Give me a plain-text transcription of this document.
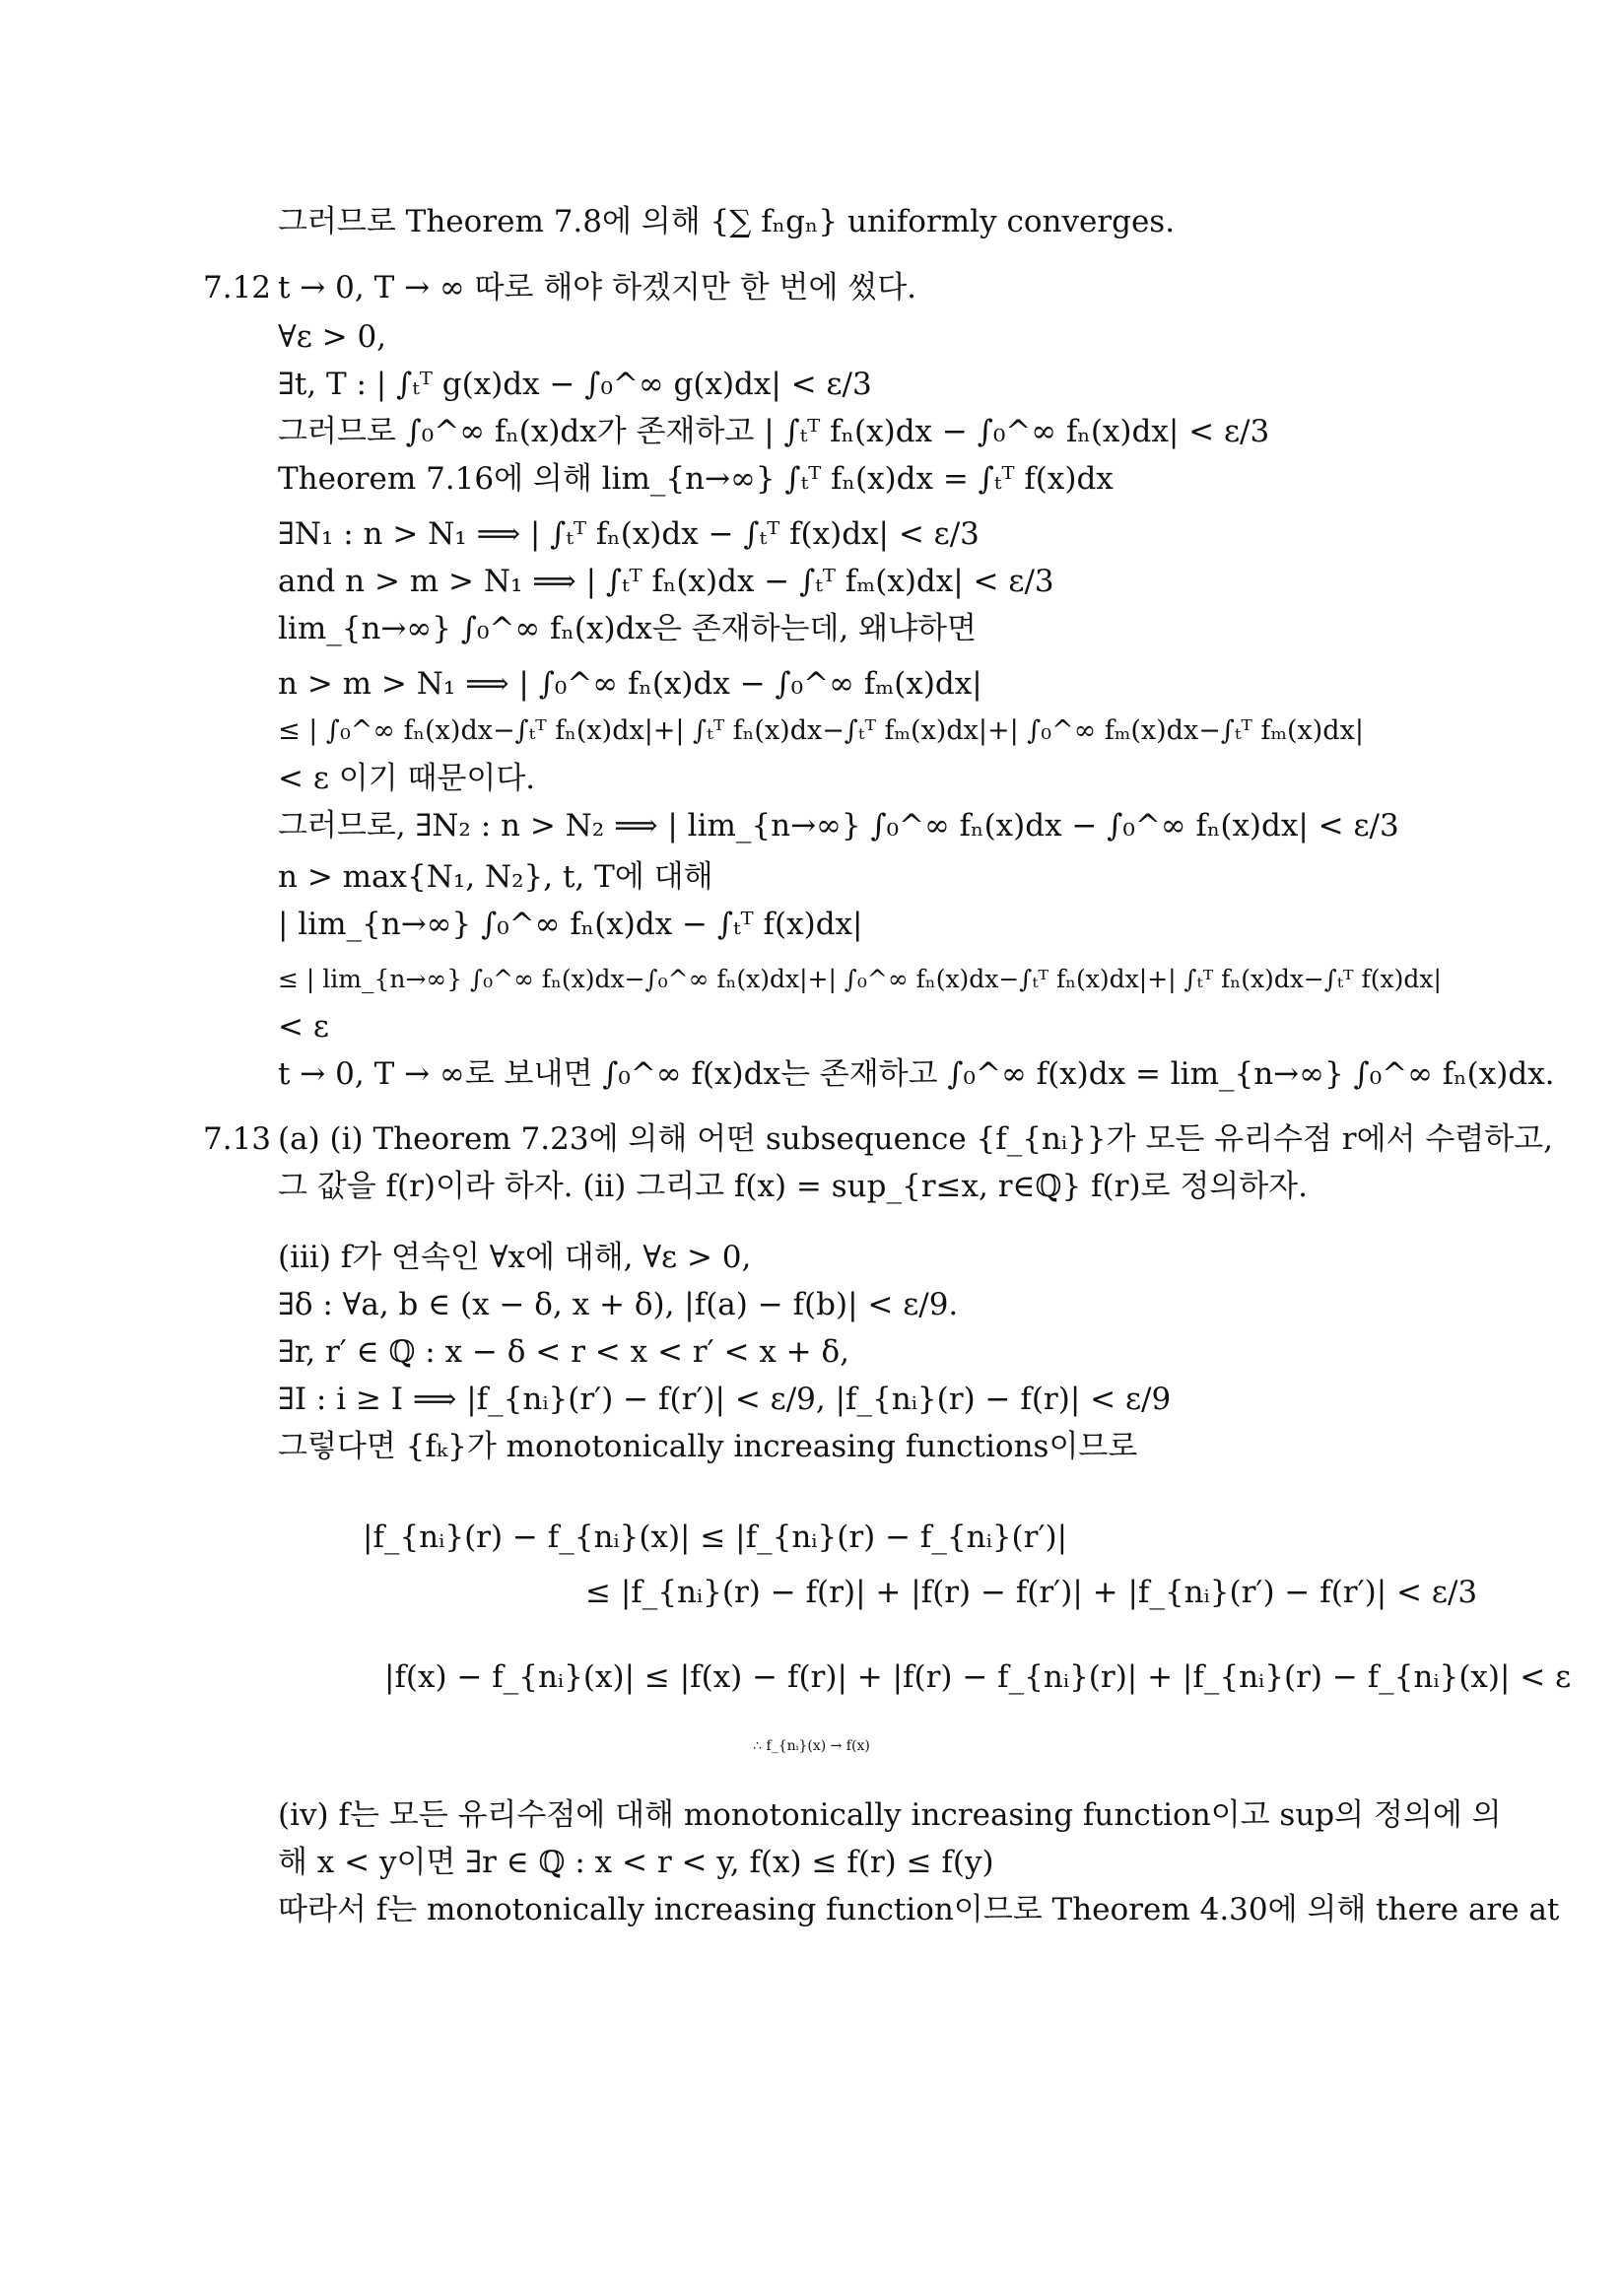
그러므로 Theorem 7.8에 의해 {∑ fₙgₙ} uniformly converges.
7.12 t → 0, T → ∞ 따로 해야 하겠지만 한 번에 썼다.
∀ε > 0,
∃t, T : | ∫ₜᵀ g(x)dx − ∫₀^∞ g(x)dx| < ε/3
그러므로 ∫₀^∞ fₙ(x)dx가 존재하고 | ∫ₜᵀ fₙ(x)dx − ∫₀^∞ fₙ(x)dx| < ε/3
Theorem 7.16에 의해 lim_{n→∞} ∫ₜᵀ fₙ(x)dx = ∫ₜᵀ f(x)dx
∃N₁ : n > N₁ ⟹ | ∫ₜᵀ fₙ(x)dx − ∫ₜᵀ f(x)dx| < ε/3
and n > m > N₁ ⟹ | ∫ₜᵀ fₙ(x)dx − ∫ₜᵀ fₘ(x)dx| < ε/3
lim_{n→∞} ∫₀^∞ fₙ(x)dx은 존재하는데, 왜냐하면
n > m > N₁ ⟹ | ∫₀^∞ fₙ(x)dx − ∫₀^∞ fₘ(x)dx|
≤ | ∫₀^∞ fₙ(x)dx−∫ₜᵀ fₙ(x)dx|+| ∫ₜᵀ fₙ(x)dx−∫ₜᵀ fₘ(x)dx|+| ∫₀^∞ fₘ(x)dx−∫ₜᵀ fₘ(x)dx|
< ε 이기 때문이다.
그러므로, ∃N₂ : n > N₂ ⟹ | lim_{n→∞} ∫₀^∞ fₙ(x)dx − ∫₀^∞ fₙ(x)dx| < ε/3
n > max{N₁, N₂}, t, T에 대해
| lim_{n→∞} ∫₀^∞ fₙ(x)dx − ∫ₜᵀ f(x)dx|
≤ | lim_{n→∞} ∫₀^∞ fₙ(x)dx−∫₀^∞ fₙ(x)dx|+| ∫₀^∞ fₙ(x)dx−∫ₜᵀ fₙ(x)dx|+| ∫ₜᵀ fₙ(x)dx−∫ₜᵀ f(x)dx|
< ε
t → 0, T → ∞로 보내면 ∫₀^∞ f(x)dx는 존재하고 ∫₀^∞ f(x)dx = lim_{n→∞} ∫₀^∞ fₙ(x)dx.
7.13 (a) (i) Theorem 7.23에 의해 어떤 subsequence {f_{nᵢ}}가 모든 유리수점 r에서 수렴하고,
그 값을 f(r)이라 하자. (ii) 그리고 f(x) = sup_{r≤x, r∈ℚ} f(r)로 정의하자.
(iii) f가 연속인 ∀x에 대해, ∀ε > 0,
∃δ : ∀a, b ∈ (x − δ, x + δ), |f(a) − f(b)| < ε/9.
∃r, r′ ∈ ℚ : x − δ < r < x < r′ < x + δ,
∃I : i ≥ I ⟹ |f_{nᵢ}(r′) − f(r′)| < ε/9, |f_{nᵢ}(r) − f(r)| < ε/9
그렇다면 {fₖ}가 monotonically increasing functions이므로
|f_{nᵢ}(r) − f_{nᵢ}(x)| ≤ |f_{nᵢ}(r) − f_{nᵢ}(r′)|
≤ |f_{nᵢ}(r) − f(r)| + |f(r) − f(r′)| + |f_{nᵢ}(r′) − f(r′)| < ε/3
|f(x) − f_{nᵢ}(x)| ≤ |f(x) − f(r)| + |f(r) − f_{nᵢ}(r)| + |f_{nᵢ}(r) − f_{nᵢ}(x)| < ε
∴ f_{nᵢ}(x) → f(x)
(iv) f는 모든 유리수점에 대해 monotonically increasing function이고 sup의 정의에 의
해 x < y이면 ∃r ∈ ℚ : x < r < y, f(x) ≤ f(r) ≤ f(y)
따라서 f는 monotonically increasing function이므로 Theorem 4.30에 의해 there are at
